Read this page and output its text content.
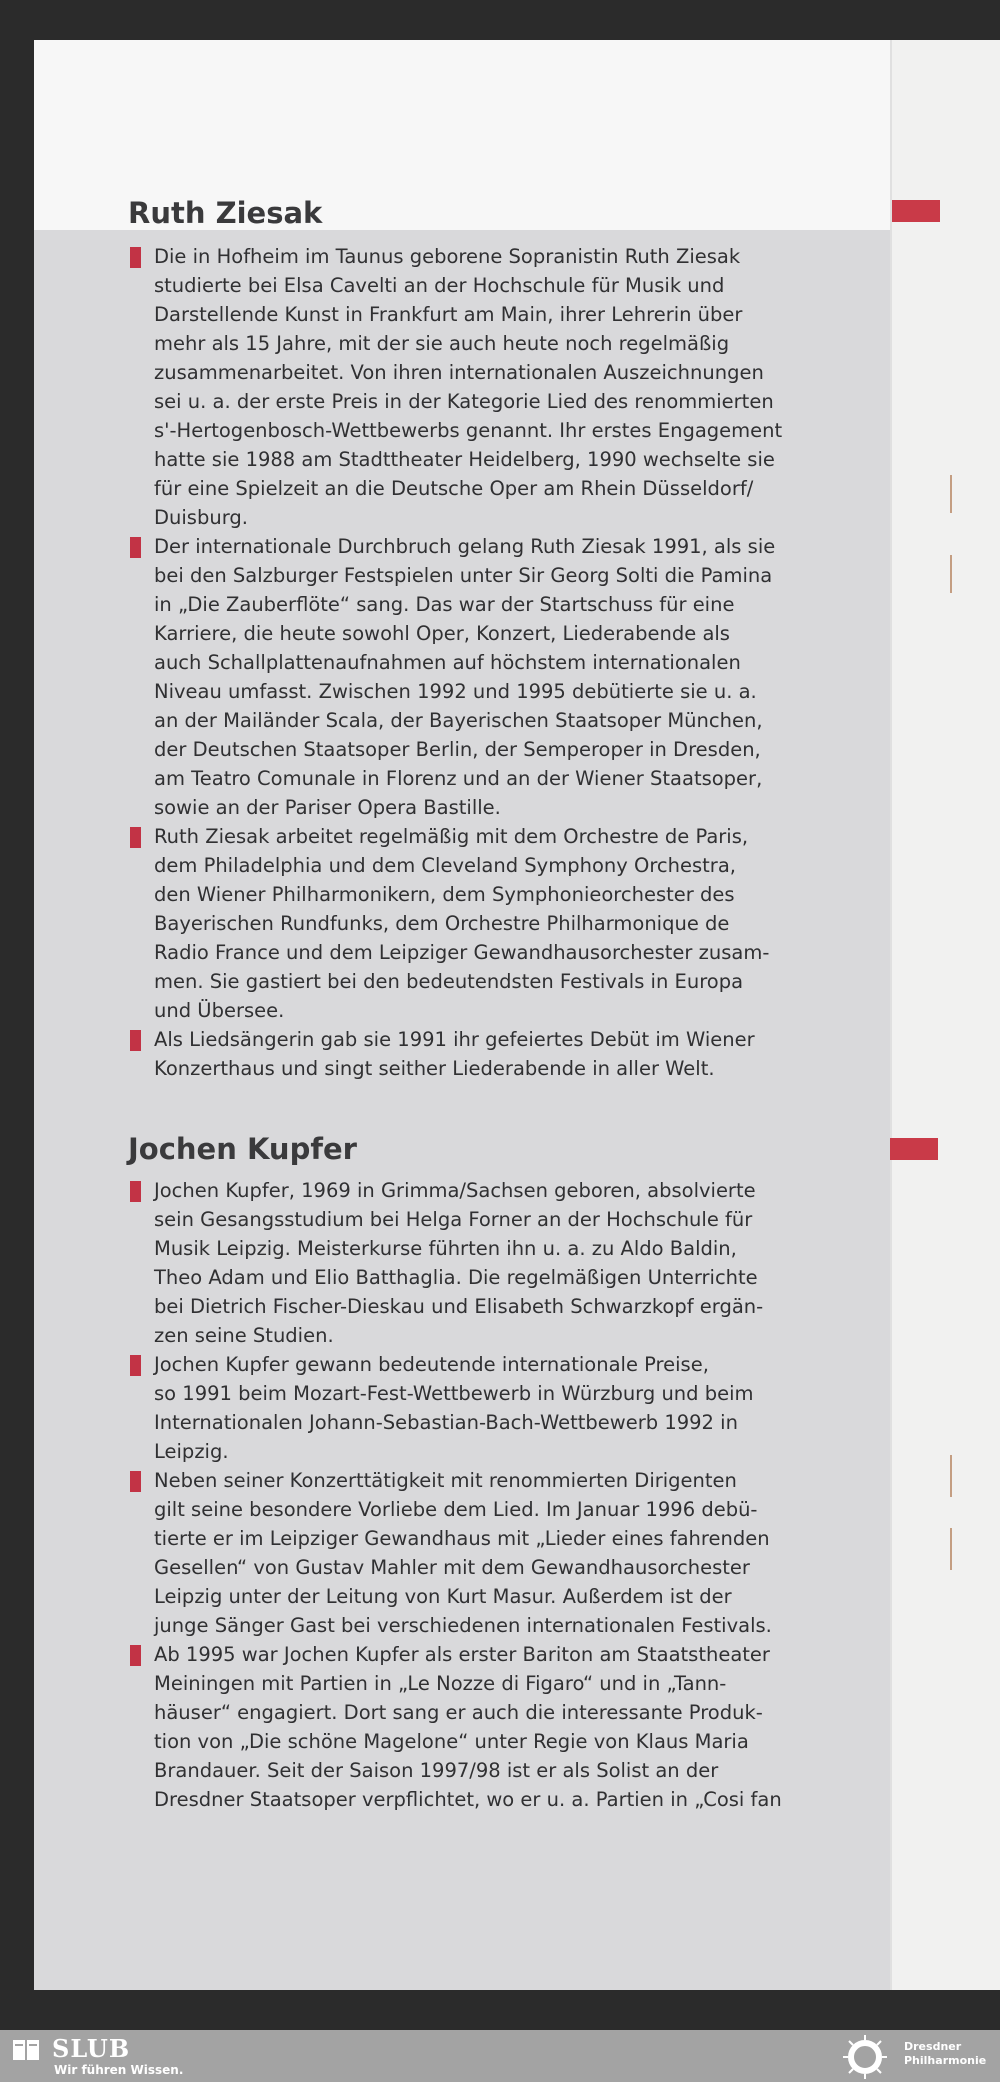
Ruth Ziesak

Die in Hofheim im Taunus geborene Sopranistin Ruth Ziesak
studierte bei Elsa Cavelti an der Hochschule für Musik und
Darstellende Kunst in Frankfurt am Main, ihrer Lehrerin über
mehr als 15 Jahre, mit der sie auch heute noch regelmäßig
zusammenarbeitet. Von ihren internationalen Auszeichnungen
sei u. a. der erste Preis in der Kategorie Lied des renommierten
s'-Hertogenbosch-Wettbewerbs genannt. Ihr erstes Engagement
hatte sie 1988 am Stadttheater Heidelberg, 1990 wechselte sie
für eine Spielzeit an die Deutsche Oper am Rhein Düsseldorf/
Duisburg.

Der internationale Durchbruch gelang Ruth Ziesak 1991, als sie
bei den Salzburger Festspielen unter Sir Georg Solti die Pamina
in „Die Zauberflöte“ sang. Das war der Startschuss für eine
Karriere, die heute sowohl Oper, Konzert, Liederabende als
auch Schallplattenaufnahmen auf höchstem internationalen
Niveau umfasst. Zwischen 1992 und 1995 debütierte sie u. a.
an der Mailänder Scala, der Bayerischen Staatsoper München,
der Deutschen Staatsoper Berlin, der Semperoper in Dresden,
am Teatro Comunale in Florenz und an der Wiener Staatsoper,
sowie an der Pariser Opera Bastille.

Ruth Ziesak arbeitet regelmäßig mit dem Orchestre de Paris,
dem Philadelphia und dem Cleveland Symphony Orchestra,
den Wiener Philharmonikern, dem Symphonieorchester des
Bayerischen Rundfunks, dem Orchestre Philharmonique de
Radio France und dem Leipziger Gewandhausorchester zusam-
men. Sie gastiert bei den bedeutendsten Festivals in Europa
und Übersee.

Als Liedsängerin gab sie 1991 ihr gefeiertes Debüt im Wiener
Konzerthaus und singt seither Liederabende in aller Welt.

Jochen Kupfer

Jochen Kupfer, 1969 in Grimma/Sachsen geboren, absolvierte
sein Gesangsstudium bei Helga Forner an der Hochschule für
Musik Leipzig. Meisterkurse führten ihn u. a. zu Aldo Baldin,
Theo Adam und Elio Batthaglia. Die regelmäßigen Unterrichte
bei Dietrich Fischer-Dieskau und Elisabeth Schwarzkopf ergän-
zen seine Studien.

Jochen Kupfer gewann bedeutende internationale Preise,
so 1991 beim Mozart-Fest-Wettbewerb in Würzburg und beim
Internationalen Johann-Sebastian-Bach-Wettbewerb 1992 in
Leipzig.

Neben seiner Konzerttätigkeit mit renommierten Dirigenten
gilt seine besondere Vorliebe dem Lied. Im Januar 1996 debü-
tierte er im Leipziger Gewandhaus mit „Lieder eines fahrenden
Gesellen“ von Gustav Mahler mit dem Gewandhausorchester
Leipzig unter der Leitung von Kurt Masur. Außerdem ist der
junge Sänger Gast bei verschiedenen internationalen Festivals.

Ab 1995 war Jochen Kupfer als erster Bariton am Staatstheater
Meiningen mit Partien in „Le Nozze di Figaro“ und in „Tann-
häuser“ engagiert. Dort sang er auch die interessante Produk-
tion von „Die schöne Magelone“ unter Regie von Klaus Maria
Brandauer. Seit der Saison 1997/98 ist er als Solist an der
Dresdner Staatsoper verpflichtet, wo er u. a. Partien in „Cosi fan

SLUB
Wir führen Wissen.
Dresdner
Philharmonie
